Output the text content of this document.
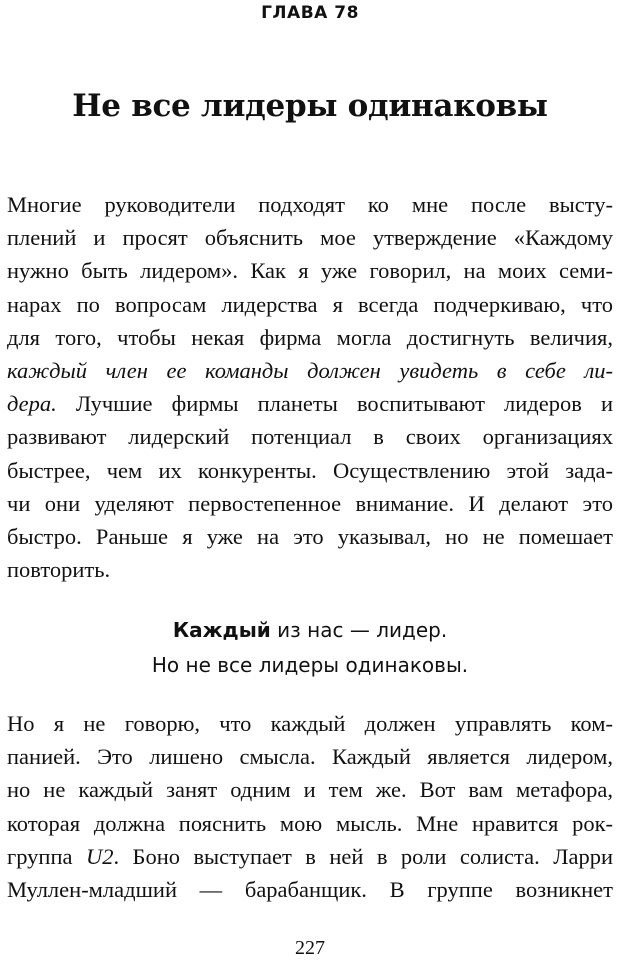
ГЛАВА 78
Не все лидеры одинаковы
Многие руководители подходят ко мне после высту-
плений и просят объяснить мое утверждение «Каждому
нужно быть лидером». Как я уже говорил, на моих семи-
нарах по вопросам лидерства я всегда подчеркиваю, что
для того, чтобы некая фирма могла достигнуть величия,
каждый член ее команды должен увидеть в себе ли-
дера. Лучшие фирмы планеты воспитывают лидеров и
развивают лидерский потенциал в своих организациях
быстрее, чем их конкуренты. Осуществлению этой зада-
чи они уделяют первостепенное внимание. И делают это
быстро. Раньше я уже на это указывал, но не помешает
повторить.
Каждый из нас — лидер.
Но не все лидеры одинаковы.
Но я не говорю, что каждый должен управлять ком-
панией. Это лишено смысла. Каждый является лидером,
но не каждый занят одним и тем же. Вот вам метафора,
которая должна пояснить мою мысль. Мне нравится рок-
группа U2. Боно выступает в ней в роли солиста. Ларри
Муллен-младший — барабанщик. В группе возникнет
227
